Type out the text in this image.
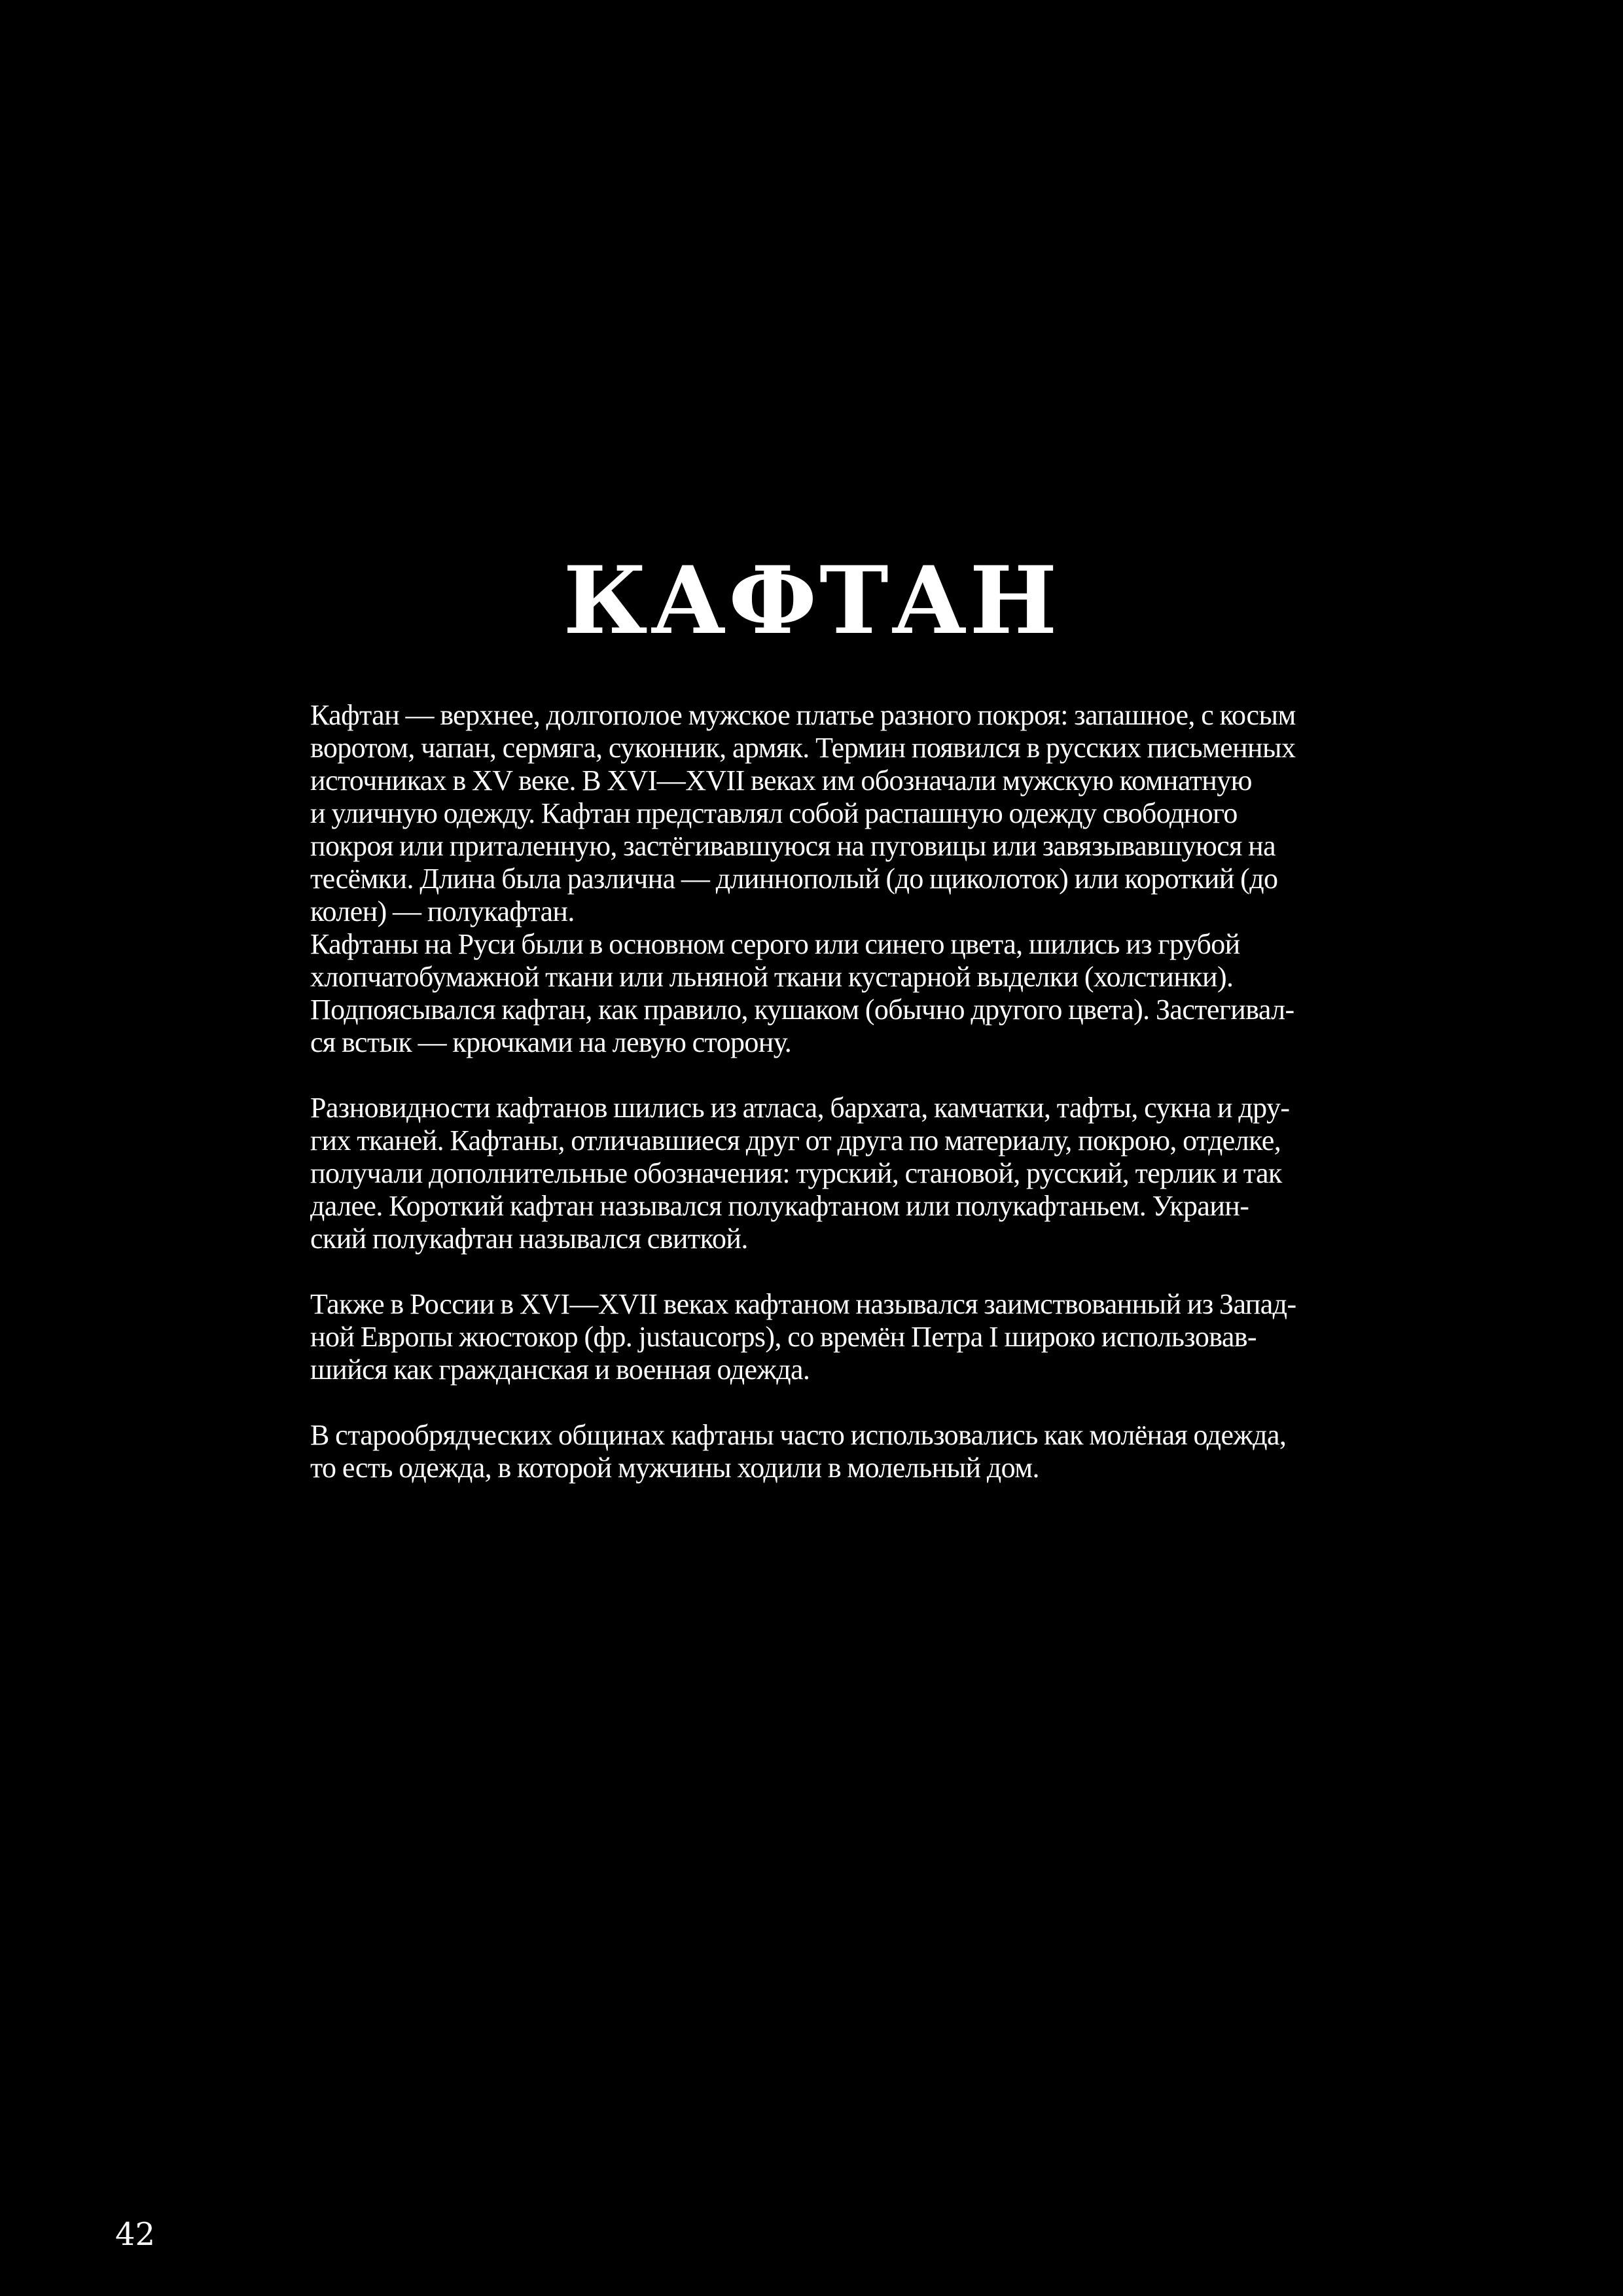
КАФТАН
Кафтан — верхнее, долгополое мужское платье разного покроя: запашное, с косым
воротом, чапан, сермяга, суконник, армяк. Термин появился в русских письменных
источниках в XV веке. В XVI—XVII веках им обозначали мужскую комнатную
и уличную одежду. Кафтан представлял собой распашную одежду свободного
покроя или приталенную, застёгивавшуюся на пуговицы или завязывавшуюся на
тесёмки. Длина была различна — длиннополый (до щиколоток) или короткий (до
колен) — полукафтан.
Кафтаны на Руси были в основном серого или синего цвета, шились из грубой
хлопчатобумажной ткани или льняной ткани кустарной выделки (холстинки).
Подпоясывался кафтан, как правило, кушаком (обычно другого цвета). Застегивал-
ся встык — крючками на левую сторону.
Разновидности кафтанов шились из атласа, бархата, камчатки, тафты, сукна и дру-
гих тканей. Кафтаны, отличавшиеся друг от друга по материалу, покрою, отделке,
получали дополнительные обозначения: турский, становой, русский, терлик и так
далее. Короткий кафтан назывался полукафтаном или полукафтаньем. Украин-
ский полукафтан назывался свиткой.
Также в России в XVI—XVII веках кафтаном назывался заимствованный из Запад-
ной Европы жюстокор (фр. justaucorps), со времён Петра I широко использовав-
шийся как гражданская и военная одежда.
В старообрядческих общинах кафтаны часто использовались как молёная одежда,
то есть одежда, в которой мужчины ходили в молельный дом.
42
